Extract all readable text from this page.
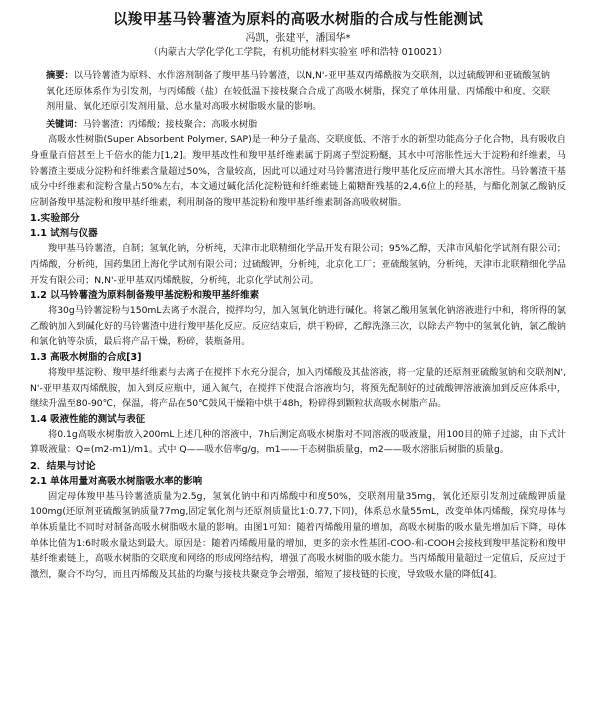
以羧甲基马铃薯渣为原料的高吸水树脂的合成与性能测试
冯凯，张建平，潘国华*
（内蒙古大学化学化工学院，有机功能材料实验室 呼和浩特 010021）

摘要：以马铃薯渣为原料、水作溶剂制备了羧甲基马铃薯渣，以N,N'-亚甲基双丙烯酰胺为交联剂，以过硫酸钾和亚硫酸氢钠氧化还原体系作为引发剂，与丙烯酸（盐）在较低温下接枝聚合合成了高吸水树脂，探究了单体用量、丙烯酸中和度、交联剂用量、氧化还原引发剂用量、总水量对高吸水树脂吸水量的影响。

关键词：马铃薯渣；丙烯酸；接枝聚合；高吸水树脂

高吸水性树脂(Super Absorbent Polymer, SAP)是一种分子量高、交联度低、不溶于水的新型功能高分子化合物，具有吸收自身重量百倍甚至上千倍水的能力[1,2]。羧甲基改性和羧甲基纤维素属于阴离子型淀粉醚，其水中可溶胀性远大于淀粉和纤维素，马铃薯渣主要成分淀粉和纤维素含量超过50%，含量较高，因此可以通过对马铃薯渣进行羧甲基化反应而增大其水溶性。马铃薯渣干基成分中纤维素和淀粉含量占50%左右，本文通过碱化活化淀粉链和纤维素链上葡糖酐残基的2,4,6位上的羟基，与酯化剂氯乙酸钠反应制备羧甲基淀粉和羧甲基纤维素，利用制备的羧甲基淀粉和羧甲基纤维素制备高吸收树脂。

1.实验部分
1.1 试剂与仪器

羧甲基马铃薯渣，自制；氢氧化钠，分析纯，天津市北联精细化学品开发有限公司；95%乙醇，天津市风船化学试剂有限公司；丙烯酸，分析纯，国药集团上海化学试剂有限公司；过硫酸钾，分析纯，北京化工厂；亚硫酸氢钠，分析纯，天津市北联精细化学品开发有限公司；N,N'-亚甲基双丙烯酰胺，分析纯，北京化学试剂公司。

1.2 以马铃薯渣为原料制备羧甲基淀粉和羧甲基纤维素

将30g马铃薯淀粉与150mL去离子水混合，搅拌均匀，加入氢氧化钠进行碱化。将氯乙酸用氢氧化钠溶液进行中和，将所得的氯乙酸钠加入到碱化好的马铃薯渣中进行羧甲基化反应。反应结束后，烘干粉碎，乙醇洗涤三次，以除去产物中的氢氧化钠，氯乙酸钠和氯化钠等杂质，最后将产品干燥，粉碎，装瓶备用。

1.3 高吸水树脂的合成[3]

将羧甲基淀粉、羧甲基纤维素与去离子在搅拌下水充分混合，加入丙烯酸及其盐溶液，将一定量的还原剂亚硫酸氢钠和交联剂N', N'-亚甲基双丙烯酰胺，加入到反应瓶中，通入氮气，在搅拌下使混合溶液均匀，将预先配制好的过硫酸钾溶液滴加到反应体系中，继续升温至80-90℃，保温，将产品在50℃鼓风干燥箱中烘干48h，粉碎得到颗粒状高吸水树脂产品。

1.4 吸液性能的测试与表征

将0.1g高吸水树脂放入200mL上述几种的溶液中，7h后测定高吸水树脂对不同溶液的吸液量，用100目的筛子过滤，由下式计算吸液量：Q=(m2-m1)/m1。式中 Q——吸水倍率g/g，m1——干态树脂质量g，m2——吸水溶胀后树脂的质量g。

2．结果与讨论
2.1 单体用量对高吸水树脂吸水率的影响

固定母体羧甲基马铃薯渣质量为2.5g，氢氧化钠中和丙烯酸中和度50%，交联剂用量35mg，氧化还原引发剂过硫酸钾质量100mg(还原剂亚硫酸氢钠质量77mg,固定氧化剂与还原剂质量比1:0.77,下同)，体系总水量55mL，改变单体丙烯酸，探究母体与单体质量比不同时对制备高吸水树脂吸水量的影响。由图1可知：随着丙烯酸用量的增加，高吸水树脂的吸水量先增加后下降，母体单体比值为1:6时吸水量达到最大。原因是：随着丙烯酸用量的增加，更多的亲水性基团-COO-和-COOH会接枝到羧甲基淀粉和羧甲基纤维素链上，高吸水树脂的交联度和网络的形成网络结构，增强了高吸水树脂的吸水能力。当丙烯酸用量超过一定值后，反应过于激烈，聚合不均匀，而且丙烯酸及其盐的均聚与接枝共聚竞争会增强，缩短了接枝链的长度，导致吸水量的降低[4]。
